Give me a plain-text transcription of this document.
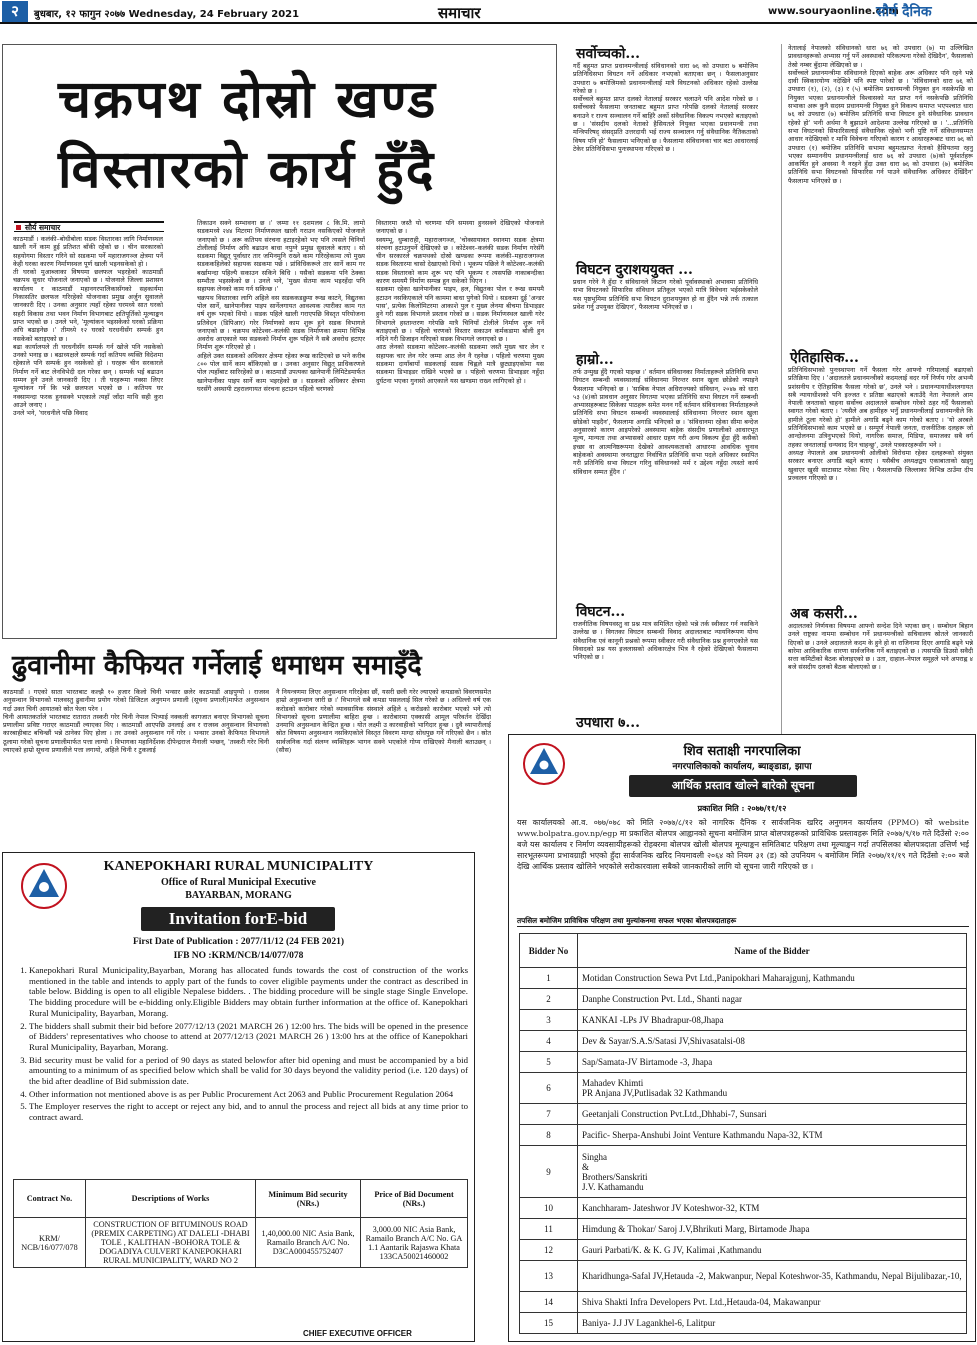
२	बुधबार, १२ फागुन २०७७ Wednesday, 24 February 2021	समाचार	www.souryaonline.com
सौर्य दैनिक
चक्रपथ दोस्रो खण्ड
विस्तारको कार्य हुँदै
सौर्य समाचार
काठमाडौं । कलंकी–बोधीबोला सडक विस्तारका लागि निर्माणस्थल खाली गर्ने काम हुई प्रतिशत बाँकी रहेको छ । चीन सरकारको सहयोगमा विस्तार गरिने सो सडकमा पर्ने महाराजगञ्ज क्षेत्रमा पर्ने केही घरका कारण निर्माणस्थल पूर्ण खाली भइनसकेको हो ।
ती घरको मुआब्जाका विषयमा छलफल भइरहेको काठमाडौं चक्रपथ सुधार योजनाले जनाएको छ । योजनाले जिल्ला प्रशासन कार्यालय र काठमाडौं महानगरपालिकासँगको सहकार्यमा निकासतिर छलफल गरिरहेको योजनाका प्रमुख अर्जुन सुवालले जानकारी दिए । उनका अनुसार त्यहाँ रहेका घरमध्ये सात घरको सहरी विकास तथा भवन निर्माण विभागबाट क्षतिपूर्तिको मूल्याङ्कन प्राप्त भएको छ । उनले भने, 'मूल्यांकन भइसकेको घरको प्रक्रिया अघि बढाइनेछ ।' तीमध्ये १२ घरको घरधनीसँग सम्पर्क हुन नसकेको बताइएको छ ।
बढा कार्यालयले ती घरधनीसँग सम्पर्क गर्न खोजे पनि नसकेको उनको भनाइ छ । बढाध्यक्षले सम्पर्क गर्दा कतिपय व्यक्ति विदेशमा रहेकाले पनि सम्पर्क हुन नसकेको हो । घरहरू चीन सरकारले निर्माण गर्ने बाट लेनविभेदी दल गरेका छन् । सम्पर्क भई बढाउन सम्मन हुने उनले जानकारी दिए । ती घरहरूमा नक्सा लिएर मूल्यांकन गर्ने कि भन्ने छलफल भएको छ । कतिपय घर नक्सामन्दा फरक हुनसक्ने भएकाले त्यहाँ जाँदा माथि सही कुरा आउने जनाए ।
उनले भने, 'घरधनीले पछि विवाद
तिकाउन सक्ने सम्भावना छ ।' जम्मा ११ दशमलव ८ कि.मि. लामो सडकमध्ये २४४ मिटरमा निर्माणस्थल खाली गराउन नसकिएको योजनाले जनाएको छ । अरू कतिपय संरचना हटाइरहेको भए पनि त्यसले चिनियाँ टोलीलाई निर्माण अघि बढाउन बाधा नपुग्ने प्रमुख सुवालले बताए । सो सडकमा विद्युत् पूर्वाधार तार जमिनमुनि राख्ने काम गरिरहेकामा त्यो मुख्य सडककहिलेको सहायक सडकमा पर्छ । प्रांविधिकरूले तार सार्ने काम गर बर्खामन्दा पहिल्यै सकाउन सकिने बिधि । यसैको सडकमा पनि ठेक्का सम्भौता भइसकेको छ । उनले भने, 'मुख्य सेतमा काम भइरहँदा पनि सहायक लेनको काम गर्न सकिन्छ ।'
चक्रपथ विस्तारका लागि अहिले वस सडककडछुमा रूख काटने, विद्युतका पोल सार्ने, खानेपानीका पाइप सार्नेलगायत आवश्यक त्यारीका काम गत वर्ष शुरू भएको थियो । सडक पहिले खाली गराएपछि विस्तृत परियोजना प्रतिवेदन (डिपिआर) गरेर निर्माणको काम शुरू हुने सडक विभागले जनाएको छ । चक्रपथ कोटेश्वर–कलंकी सडक निर्माणका क्रममा विभिन्न अवरोध आएकाले यस सडकको निर्माण शुरू पहिले नै सबै अवरोध हटाएर निर्माण शुरू गरिएको हो ।
अहिले उक्त सडकको अधिकार क्षेत्रमा रहेका रूख काटिएको छ भने करीब ८०० पोल सार्ने काम बाँकिएको छ । उनका अनुसार विद्युत् प्राधिकरणले पोल त्यहाँबाट सारिरहेको छ । काठमाडौं उपत्यका खानेपानी लिमिटेडमार्फत खानेपानीका पाइप सार्ने काम भइरहेको छ । सडकको अधिकार क्षेत्रमा घरसँगै अस्थायी टहरालगायत संरचना हटाउन पहिलो चरणको
विस्तारमा जस्तै यो चरणमा पनि समस्या हुनसक्ने देखिएको योजनाले जनाएको छ ।
स्वयम्भू, धुम्बाराही, महाराजगञ्ज, 'चोक्सायावत स्थानमा सडक क्षेत्रमा संरचना हटाउनुपर्ने देखिएको छ । कोटेश्वर–कलंकी सडक निर्माण गरेसँगै चीन सरकारले चक्रपथको दोस्रो खण्डका रूपमा कलंकी–महाराजगञ्ज सडक विस्तारमा चासो देखाएको थियो । भूकम्प पछिले नै कोटेश्वर–कलंकी सडक विस्तारको काम शुरू भए पनि भूकम्प र त्यसपछि नाकाबन्दीका कारण समयमै निर्माण सम्पन्न हुन सकेको थिएन ।
सडकमा रहेका खानेपानीका पाइप, हल, विद्युतका पोल र रूख समयमै हटाउन नसकिएकाले पनि काममा बाधा पुगेको थियो । सडकमा दुई 'अन्डर पास', प्रत्येक किलोमिटरमा आकाशे पुल र मुख्य लेनमा बीचमा डिभाइडर हुने गरी सडक विभागले प्रस्ताव गरेको छ । सडक निर्माणस्थल खाली गरेर विभागले हस्तान्तरण गरेपछि मात्रै चिनियाँ टोलीले निर्माण शुरू गर्ने बताइएको छ । पहिलो चरणको विस्तार सकाउन कर्मकडामा बोली हुन नदिने गरी डिजाइन गरिएको सडक विभागले जनाएको छ ।
आठ लेनको सडकमा कोटेश्वर–कलंकी सडकमा जस्तै मुख्य चार लेन र सहायक चार लेन गरेर जम्मा आठ लेन नै रहनेछ । पहिलो चरणमा मुख्य सडकमा दायाँबायाँ सडकलाई सडक चिह्नले मात्रै छुट्याइएकोमा यस सडकमा डिभाइडर राखिने भएको छ । पहिलो चरणमा डिभाइडर नहुँदा दुर्घटना भएका गुनासो आएकाले यस खण्डमा राख्न लागिएको हो ।
ढुवानीमा कैफियत गर्नेलाई धमाधम समाइँदै
काठमाडौं । गएको साता भारतबाट कल्झै १० हजार किलो चिनी भन्सार छलेर काठमाडौं आइपुग्यो । राजस्व अनुसन्धान विभागको मालवस्तु ढुवानीमा प्रयोग गरेको डिजिटल अनुगमन प्रणाली (सूचना प्रणाली)मार्फत अनुसन्धान गर्दा उक्त चिनी आयातको स्रोत फेला परेन ।
चिनी आयातकर्ताले भारतबाट रातारात तस्करी गरेर चिनी नेपाल भित्र्याई नक्कली कागजात बनाएर विभागको सूचना प्रणालीमा प्रविष्ट गराएर काठमाडौं ल्याएका थिए । काठमाडौं आएपछि उनलाई अव र राजस्व अनुसन्धान विभागको कारबाहीबाट बचिन्छौं भन्ने ठानेका थिए होला । तर उनको अनुसन्धान गर्ने गरेर । भन्सार उनको कैफियत विभागले ठूलामा गरेको सूचना प्रणालीमार्फत पत्ता लाग्यो । विभागका महानिर्देशक दीपेन्द्रराज मैनाली भन्छन्, 'तस्करी गरेर चिनी ल्याएको हाम्रो सूचना प्रणालीले पत्ता लगायो, अहिले चिनी र टुकलाई
नै नियन्त्रणमा लिएर अनुसन्धान गरिरहेका छौं, यसरी छली गरेर ल्याएको कपडाको विवरणसमेत हाम्रो अनुसन्धान जारी छ ।' विभागले सबै कपडा पसललाई सिल गरेको छ । अधिल्लो वर्ष एक करोडको कारोबार गरेको व्यावसायिक संस्थाले अहिले ६ करोडको कारोबार भएको भने त्यो विभागको सूचना प्रणालीमा बाहिरा हुन्छ । कारोबारमा एक्कासी आमूल परिवर्तन देखिँदा उनमाथि अनुसन्धान केन्द्रित हुन्छ । योत लक्ष्मी उ कारवाहीको भागिदार हुन्छ । दुवै व्यापारीलाई स्रोत विषयमा अनुसन्धान नसकिएकोले विस्तृत विवरण माग्दा सोधपुछ गर्ने गरिएको छैन । स्रोत सार्वजनिक गर्दा संलग्न व्यक्तिहरू भागन सक्ने भएकोले गोप्य राखिएको मैनाली बताउछन् । (सौस)
सर्वोच्चको...
गर्दै बहुमत प्राप्त प्रधानमन्त्रीलाई संविधानको धारा ७६ को उपधारा ७ बमोजिम प्रतिनिधिसभा विघटन गर्ने अधिकार नभएको बताएका छन् । फैसलाअनुसार उपधारा ७ बमोजिमको प्रधानमन्त्रीलाई मात्रै विघटनको अधिकार रहेको उल्लेख गरेको छ ।
सर्वोच्चले बहुमत प्राप्त दलको नेतालाई सरकार चलाउने पनि आदेश गरेको छ । सर्वोच्चको फैसलामा जनताबाट बहुमत प्राप्त गरेपछि दलको नेतालाई सरकार बनाउने र राज्य सञ्चालन गर्ने बाहिरै अर्को संवैधानिक विकल्प नभएको बताइएको छ । 'संसदीय दलको नेताको हैसियतले नियुक्त भएका प्रधानमन्त्री तथा मन्त्रिपरिषद् संसद्प्रति उत्तरदायी भई राज्य सञ्चालन गर्नु संवैधानिक नैतिकताको विषय पनि हो' फैसलामा भनिएको छ । फैसलामा संविधानका चार बटा आधारलाई टेकेर प्रतिनिधिसभा पुनःस्थापना गरिएको छ ।
विघटन दुराशययुक्त ...
प्रधान गरेने नै हुँदा र संविधानले किटान गरेको पूर्वावस्थाको अभावमा प्रतिनिधि सभा विघटनको सिफारिस संविधान प्रतिकूल भएको मात्रि विवेचना भईसकेकोले यस पृष्ठभूमिमा प्रतिनिधि सभा विघटन दुराशययुक्त हो वा हुँदैन भन्ने तर्फ तत्काल प्रवेश गर्नु उपयुक्त देखिएन', फैसलामा भनिएको छ ।
हाम्रो...
तर्फ उन्मुख हुँदै गएको पाइन्छ ।' वर्तमान संविधानका निर्माताहरूले प्रतिनिधि सभा विघटन सम्बन्धी व्यवस्थालाई संविधानमा निरन्तर स्थान खुला छोडेको नपाइने फैसलामा भनिएको छ । 'साबिक नेपाल अधिराज्यको संविधान, २०४७ को धारा ५३ (४)को प्रावधान अनुसार विगतमा भएका प्रतिनिधि सभा विघटन गर्ने सम्बन्धी अभ्यासहरूबाट सिकेका पाठहरू समेत मनन गर्दै वर्तमान संविधानका निर्माताहरूले प्रतिनिधि सभा विघटन सम्बन्धी व्यवस्थालाई संविधानमा निरन्तर स्थान खुला छोडेको पाइदैन', फैसलामा अगाडि भनिएको छ । 'संविधानमा रहेका सीमा बन्देज अनुसारको कारण आइपरेको अवस्थामा बाहेक संसदीय प्रणालीको आधारभूत मूल्य, मान्यता तथा अभ्यासको आधार ग्रहण गरी अन्य विकल्प हुँदा हुँदै कसैको इच्छा वा आत्मनिष्ठरूपमा देखेको आवश्यकताको आधारमा आवधिक चुनाव बाहेकको अवस्थामा जनताद्वारा निर्वाचित प्रतिनिधि सभा पदले अधिकार स्थापित गरी प्रतिनिधि सभा विघटन गरिनु संविधानको मर्म र उद्देश्य नहुँदा त्यस्तो कार्य संविधान सम्मत हुँदैन ।'
विघटन...
राजनीतिक विषयवस्तु वा प्रश्न मात्र समिलित रहेको भन्ने तर्क स्वीकार गर्न नसकिने उल्लेख छ । विगतका विघटन सम्बन्धी विवाद अदालतबाट न्यायनिरूपण योग्य संवैधानिक एवं कानूनी प्रश्नको रूपमा स्वीकार गरी संवैधानिक प्रश्न हुनगएकोले यस विवादको प्रश्न यस इजलासको अधिकारक्षेत्र भित्र नै रहेको देखिएको फैसलामा भनिएको छ ।
उपधारा ७...
नेतालाई नेपालको संविधानको धारा ७६ को उपधारा (७) मा उल्लिखित प्रावधानहरूको अभ्यास गर्नु पर्ने अवस्थाको परिकल्पना गरेको देखिदैन', फैसलाको तेस्रो नम्बर बुँदामा लेखिएको छ ।
सर्वोच्चले प्रधानमन्त्रीमा संविधानले दिएको बाहेक अरू अधिकार पनि रहने भन्ने दावी स्विकारयोग्य नदेखिने पनि स्पष्ट पारेको छ । 'संविधानको धारा ७६ को उपधारा (१), (२), (३) र (५) बमोजिम प्रधानमन्त्री नियुक्त हुन नसकेपछि वा नियुक्त भएका प्रधानमन्त्रीले विश्वासको मत प्राप्त गर्न नसकेपछि प्रतिनिधि सभाका अरू कुनै सदस्य प्रधानमन्त्री नियुक्त हुने विकल्प समाप्त भएपश्चात धारा ७६ को उपधारा (७) बमोजिम प्रतिनिधि सभा विघटन हुने संवैधानिक प्रावधान रहेको हो' भनी अर्थमा नै बुझाउने आदेशमा उल्लेख गरिएको छ । '...प्रतिनिधि सभा विघटनको सिफारिसलाई संवैधानिक रहेको भनी पुष्टि गर्ने संविधानसम्मत आधार नदेखिएको र माथि विवेचना गरिएको कारण र आधारहरूबाट धारा ७६ को उपधारा (१) बमोजिम प्रतिनिधि सभामा बहुमतप्राप्त नेताको हैसियतमा रहनु भएका सम्माननीय प्रधानमन्त्रीलाई धारा ७६ को उपधारा (७)को पूर्वशर्तहरू आकर्षित हुने अवस्था नै नरहने हुँदा उक्त धारा ७६ को उपधारा (७) बमोजिम प्रतिनिधि सभा विघटनको सिफारिस गर्न पाउने संवैधानिक अधिकार देखिँदैन' फैसलामा भनिएको छ ।
ऐतिहासिक...
प्रतिनिधिसभाको पुनःस्थापना गर्ने फैसला गरेर आफ्नो गरिमालाई बढाएको प्रतिक्रिया दिए । 'अदालतले प्रधानमन्त्रीको कदमलाई वदर गर्ने निर्णय गरेर अभन्मै प्रशंसनीय र ऐतिहासिक फैसला गरेको छ', उनले भने । प्रधानन्यायाधीशलगायत सबै न्यायाधीशको पनि इज्जत र प्रतिष्ठा बढाएको बताउँदै नेता नेपालले आम नेपाली जनताको चाहना सर्वोच्च अदालतले सम्बोधन गरेको ठहर गर्दै फैसलाको स्वागत गरेको बताए । ‘त्यसैले अब हामीहरु भनुँ प्रधानमन्त्रीलाई प्रधानमन्त्रीले कि हामीले ठूला गरेको हो' हामीले अगाडि बढ्ने काम गरेको बताए । 'यो अरबले प्रतिनिधिसभाको काम भएको छ । सम्पूर्ण नेपाली जनता, राजनीतिक दलहरू जो आन्दोलनमा उत्रिनुभएको थियो, नागरिक समाज, मिडिया, समाजका सबै वर्ग तहका जनतालाई धन्यवाद दिन चाहन्छु', उनले पत्रकारहरूसँग भने ।
अध्यक्ष नेपालले अब प्रधानमन्त्री ओलीको विरोधमा रहेका दलहरूको संयुक्त सरकार बनाएर अगाडि बढ्ने बताए । यसैबीच अध्यक्षद्वय एकाबाताको खड्गु खुवाएर खुसी साटासाट गरेका थिए । फैसलापछि जिल्लाका विभिन्न ठाउँमा दीप प्रज्वलन गरिएको छ ।
अब कसरी...
अदालतको निर्णयका विषयमा आफ्नो सन्देश दिने भएका छन् । सम्बोधन बिहान उनले राष्ट्रका नाममा सम्बोधन गर्ने प्रधानमन्त्रीको सचिवालय स्रोतले जानकारी दिएको छ । उनले अदालतले कदम के हुने हो वा राजिनामा दिएर अगाडि बढ्ने भन्ने बारेमा आधिकारिक धारणा सार्वजनिक गर्ने बताइएको छ । त्यसपछि डिउसो सवैदी सत्ता कमिटीको बैठक बोलाइएको छ । उता, दाहाल–नेपाल समूहले भने अपराह्न ४ बजे संसदीय दलको बैठक बोलाएको छ ।
KANEPOKHARI RURAL MUNICIPALITY
Office of Rural Municipal Executive
BAYARBAN, MORANG
Invitation forE-bid
First Date of Publication : 2077/11/12 (24 FEB 2021)
IFB NO :KRM/NCB/14/077/078
1. Kanepokhari Rural Municipality,Bayarban, Morang has allocated funds towards the cost of construction of the works mentioned in the table and intends to apply part of the funds to cover eligible payments under the contract as described in table below. Bidding is open to all eligible Nepalese bidders. . The bidding procedure will be single stage Single Envelope. The bidding procedure will be e-bidding only.Eligible Bidders may obtain further information at the office of. Kanepokhari Rural Municipality, Bayarban, Morang.
2. The bidders shall submit their bid before 2077/12/13 (2021 MARCH 26 ) 12:00 hrs. The bids will be opened in the presence of Bidders' representatives who choose to attend at 2077/12/13 (2021 MARCH 26 ) 13:00 hrs at the office of Kanepokhari Rural Municipality, Bayarban, Morang.
3. Bid security must be valid for a period of 90 days as stated belowfor after bid opening and must be accompanied by a bid amounting to a minimum of as specified below which shall be valid for 30 days beyond the validity period (i.e. 120 days) of the bid after deadline of Bid submission date.
4. Other information not mentioned above is as per Public Procurement Act 2063 and Public Procurement Regulation 2064
5. The Employer reserves the right to accept or reject any bid, and to annul the process and reject all bids at any time prior to contract award.
Contract No.	Descriptions of Works	Minimum Bid security (NRs.)	Price of Bid Document (NRs.)
KRM/ NCB/16/077/078	CONSTRUCTION OF BITUMINOUS ROAD (PREMIX CARPETING) AT DALELI -DHABI TOLE , KALITHAN -BOHORA TOLE & DOGADIYA CULVERT KANEPOKHARI RURAL MUNICIPALITY, WARD NO 2	1,40,000.00 NIC Asia Bank, Ramailo Branch A/C No. D3CA000455752407	3,000.00 NIC Asia Bank, Ramailo Branch A/C No. GA 1.1 Aantarik Rajaswa Khata 133CA50021460002
CHIEF EXECUTIVE OFFICER
शिव सताक्षी नगरपालिका
नगरपालिकाको कार्यालय, ब्याङ्डाडा, झापा
आर्थिक प्रस्ताव खोल्ने बारेको सूचना
प्रकाशित मिति : २०७७/११/१२
यस कार्यालयको आ.व. ०७७/०७८ को मिति २०७७/८/१२ को नागरिक दैनिक र सार्वजनिक खरिद अनुगमन कार्यालय (PPMO) को website www.bolpatra.gov.np/egp मा प्रकाशित बोलपत्र आह्वानको सूचना बमोजिम प्राप्त बोलपत्रहरूको प्राविधिक प्रस्तावहरू मिति २०७७/९/१७ गते दिउँसो २:०० बजे यस कार्यालय र निर्माण व्यवसायीहरूको रोहबरमा बोलपत्र खोली बोलपत्र मूल्याङ्कन समितिबाट परिक्षण तथा मूल्याङ्कन गर्दा तपसिलका बोलपत्रदाता उत्तिर्ण भई सारभूतरूपमा प्रभावग्राही भएको हुँदा सार्वजनिक खरिद नियमावली २०६४ को नियम ३१ (ड) को उपनियम ५ बमोजिम मिति २०७७/११/१९ गते दिउँसो २:०० बजे देखि आर्थिक प्रस्ताव खोलिने भएकोले सरोकारवाला सबैको जानकारीको लागि यो सूचना जारी गरिएको छ ।
तपसिल बमोजिम प्राविधिक परिक्षण तथा मुल्यांकनमा सफल भएका बोलपत्रदाताहरू
Bidder No	Name of the Bidder
1	Motidan Construction Sewa Pvt Ltd.,Panipokhari Maharajgunj, Kathmandu
2	Danphe Construction Pvt. Ltd., Shanti nagar
3	KANKAI -LPs JV Bhadrapur-08,Jhapa
4	Dev & Sayar/S.A.S/Satasi JV,Shivasatalsi-08
5	Sap/Samata-JV Birtamode -3, Jhapa
6	Mahadev Khimti
PR Anjana JV,Putlisadak 32 Kathmandu
7	Geetanjali Construction Pvt.Ltd.,Dhhabi-7, Sunsari
8	Pacific- Sherpa-Anshubi Joint Venture Kathmandu Napa-32, KTM
9	Singha
&
Brothers/Sanskriti
J.V. Kathamandu
10	Kanchharam- Jateshwor JV Koteshwor-32, KTM
11	Himdung & Thokar/ Saroj J.V,Bhrikuti Marg, Birtamode Jhapa
12	Gauri Parbati/K. & K. G JV, Kalimai ,Kathmandu
13	Kharidhunga-Safal JV,Hetauda -2, Makwanpur, Nepal Koteshwor-35, Kathmandu, Nepal Bijulibazar,-10,
14	Shiva Shakti Infra Developers Pvt. Ltd.,Hetauda-04, Makawanpur
15	Baniya- J.J JV Lagankhel-6, Lalitpur
